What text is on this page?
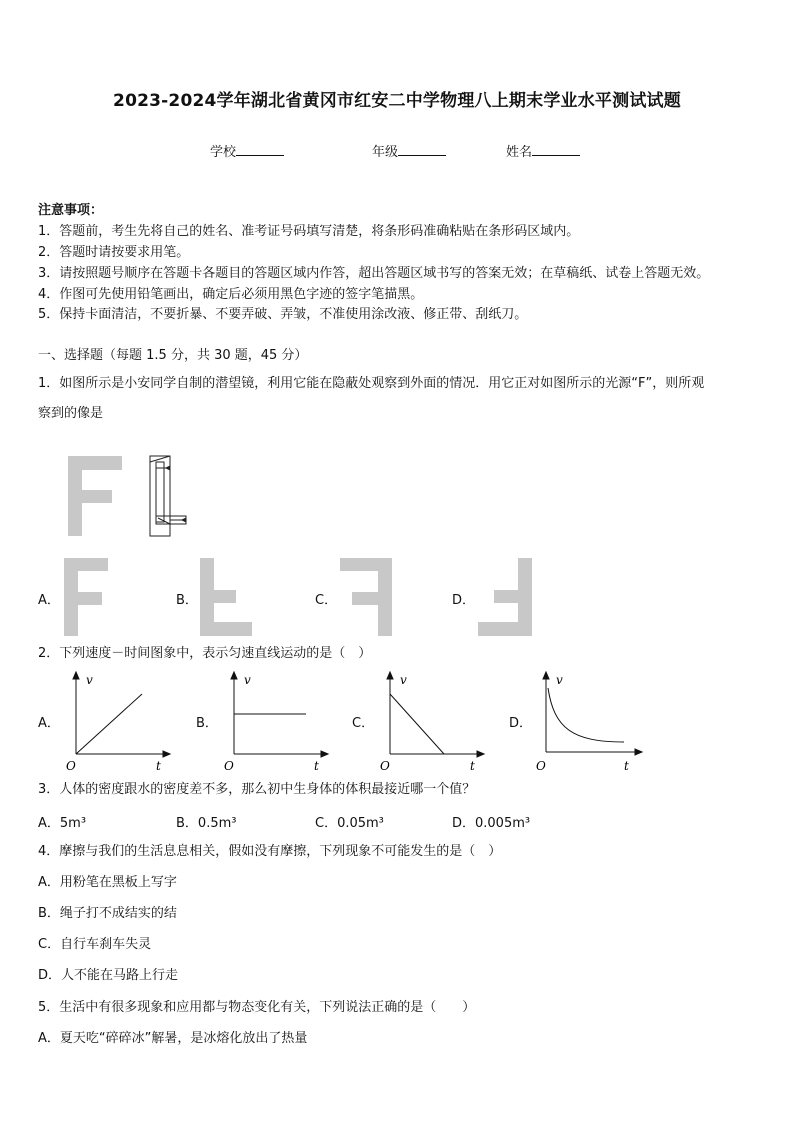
2023-2024学年湖北省黄冈市红安二中学物理八上期末学业水平测试试题
学校	年级	姓名
注意事项：
1．答题前，考生先将自己的姓名、准考证号码填写清楚，将条形码准确粘贴在条形码区域内。
2．答题时请按要求用笔。
3．请按照题号顺序在答题卡各题目的答题区域内作答，超出答题区域书写的答案无效；在草稿纸、试卷上答题无效。
4．作图可先使用铅笔画出，确定后必须用黑色字迹的签字笔描黑。
5．保持卡面清洁，不要折暴、不要弄破、弄皱，不准使用涂改液、修正带、刮纸刀。
一、选择题（每题 1.5 分，共 30 题，45 分）
1．如图所示是小安同学自制的潜望镜，利用它能在隐蔽处观察到外面的情况．用它正对如图所示的光源“F”，则所观
察到的像是
A．	B．	C．	D．
2．下列速度－时间图象中，表示匀速直线运动的是（　）
A．
v
O	t
B．
v
O	t
C．
v
O	t
D．
v
O	t
3．人体的密度跟水的密度差不多，那么初中生身体的体积最接近哪一个值？
A．5m³	B．0.5m³	C．0.05m³	D．0.005m³
4．摩擦与我们的生活息息相关，假如没有摩擦，下列现象不可能发生的是（　）
A．用粉笔在黑板上写字
B．绳子打不成结实的结
C．自行车刹车失灵
D．人不能在马路上行走
5．生活中有很多现象和应用都与物态变化有关，下列说法正确的是（　　）
A．夏天吃“碎碎冰”解暑，是冰熔化放出了热量
